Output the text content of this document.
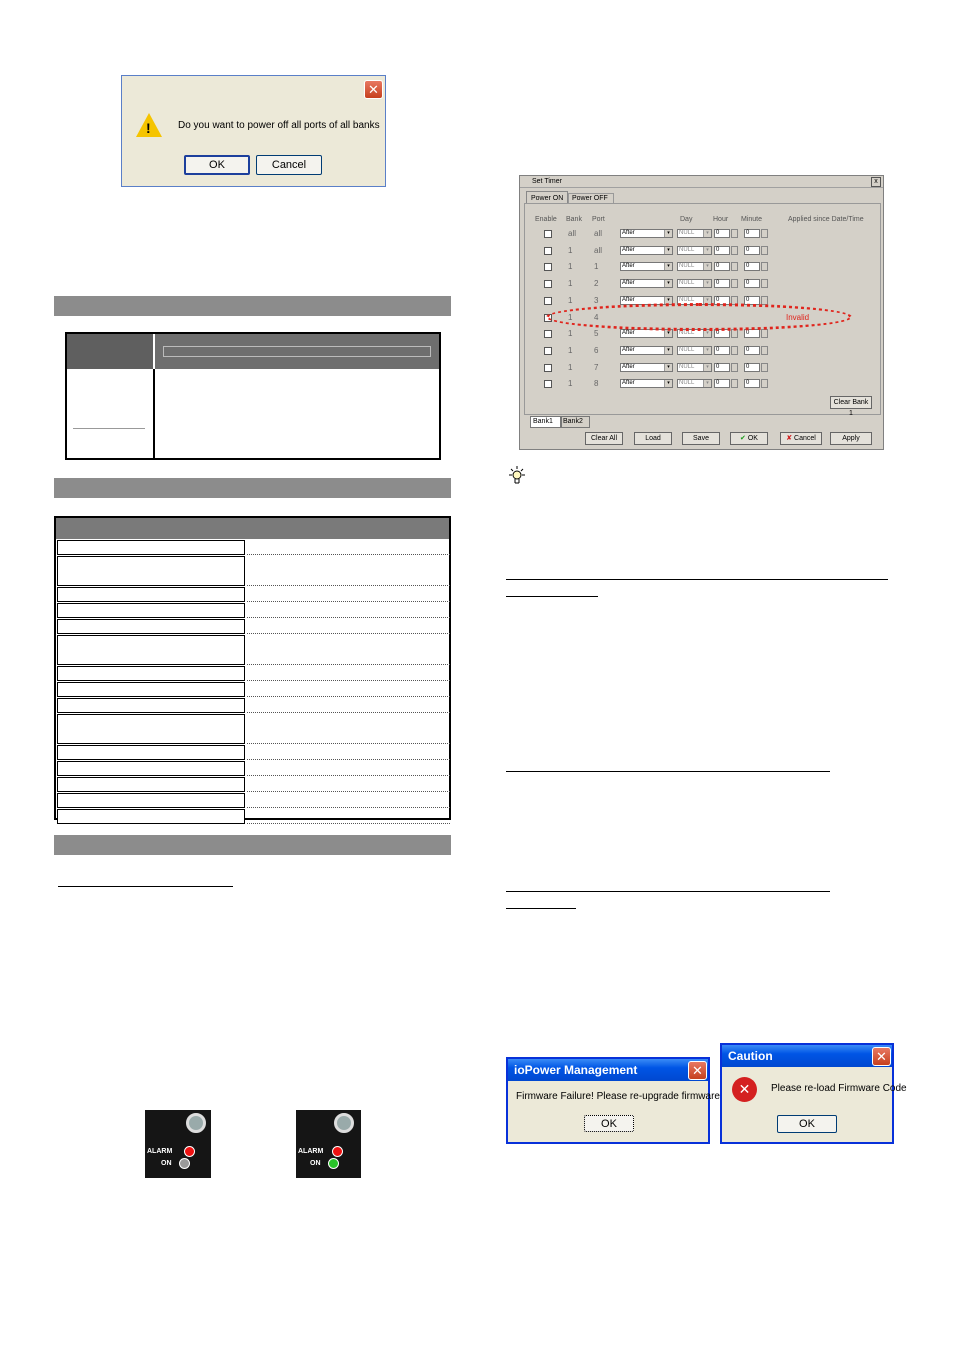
✕
!	Do you want to power off all ports of all banks
OK	Cancel
ALARM
ON
ALARM
ON
Set Timer	x
Power ON Power OFF
Enable Bank Port	Day	Hour Minute	Applied since Date/Time
all all	After	▾	NULL	▾	0	0
1	all	After	▾	NULL	▾	0	0
1	1	After	▾	NULL	▾	0	0
1	2	After	▾	NULL	▾	0	0
1	3	After	▾	NULL	▾	0	0
1	4	Invalid
1	5	After	▾	NULL	▾	0	0
1	6	After	▾	NULL	▾	0	0
1	7	After	▾	NULL	▾	0	0
1	8	After	▾	NULL	▾	0	0
Clear Bank 1
Bank1 Bank2
Clear All	Load	Save	✔ OK	✘ Cancel	Apply
ioPower Management	✕
Firmware Failure! Please re-upgrade firmware
OK
Caution	✕
✕	Please re-load Firmware Code
OK
